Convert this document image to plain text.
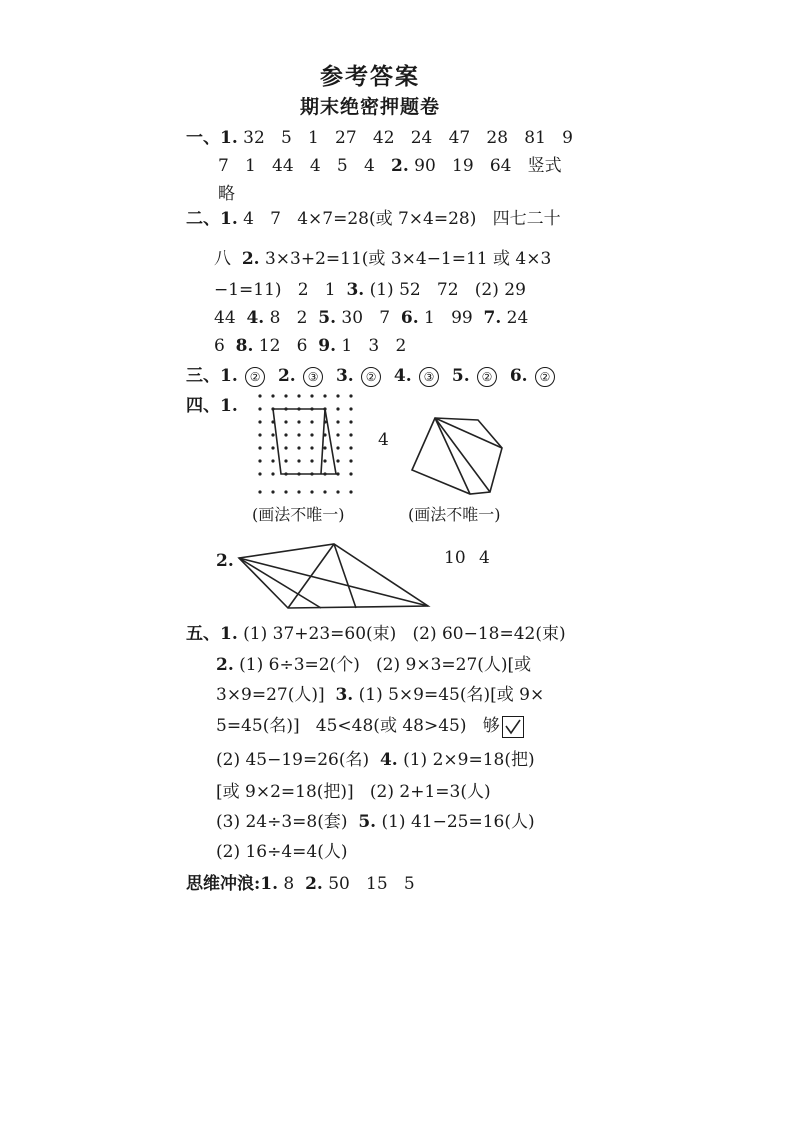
参考答案
期末绝密押题卷
一、1. 32   5   1   27   42   24   47   28   81   9
7   1   44   4   5   4 2. 90   19   64   竖式
略
二、1. 4   7   4×7=28(或 7×4=28)   四七二十
八  2. 3×3+2=11(或 3×4−1=11 或 4×3
−1=11)   2   1  3. (1) 52   72   (2) 29
44  4. 8   2  5. 30   7  6. 1   99  7. 24
6  8. 12   6  9. 1   3   2
三、1. ② 2. ③ 3. ② 4. ③ 5. ② 6. ②
四、1.
4
(画法不唯一)	(画法不唯一)
2.	10 4
五、1. (1) 37+23=60(束)   (2) 60−18=42(束)
2. (1) 6÷3=2(个)   (2) 9×3=27(人)[或
3×9=27(人)]  3. (1) 5×9=45(名)[或 9×
5=45(名)]   45<48(或 48>45)   够
(2) 45−19=26(名)  4. (1) 2×9=18(把)
[或 9×2=18(把)]   (2) 2+1=3(人)
(3) 24÷3=8(套)  5. (1) 41−25=16(人)
(2) 16÷4=4(人)
思维冲浪:1. 8  2. 50   15   5
